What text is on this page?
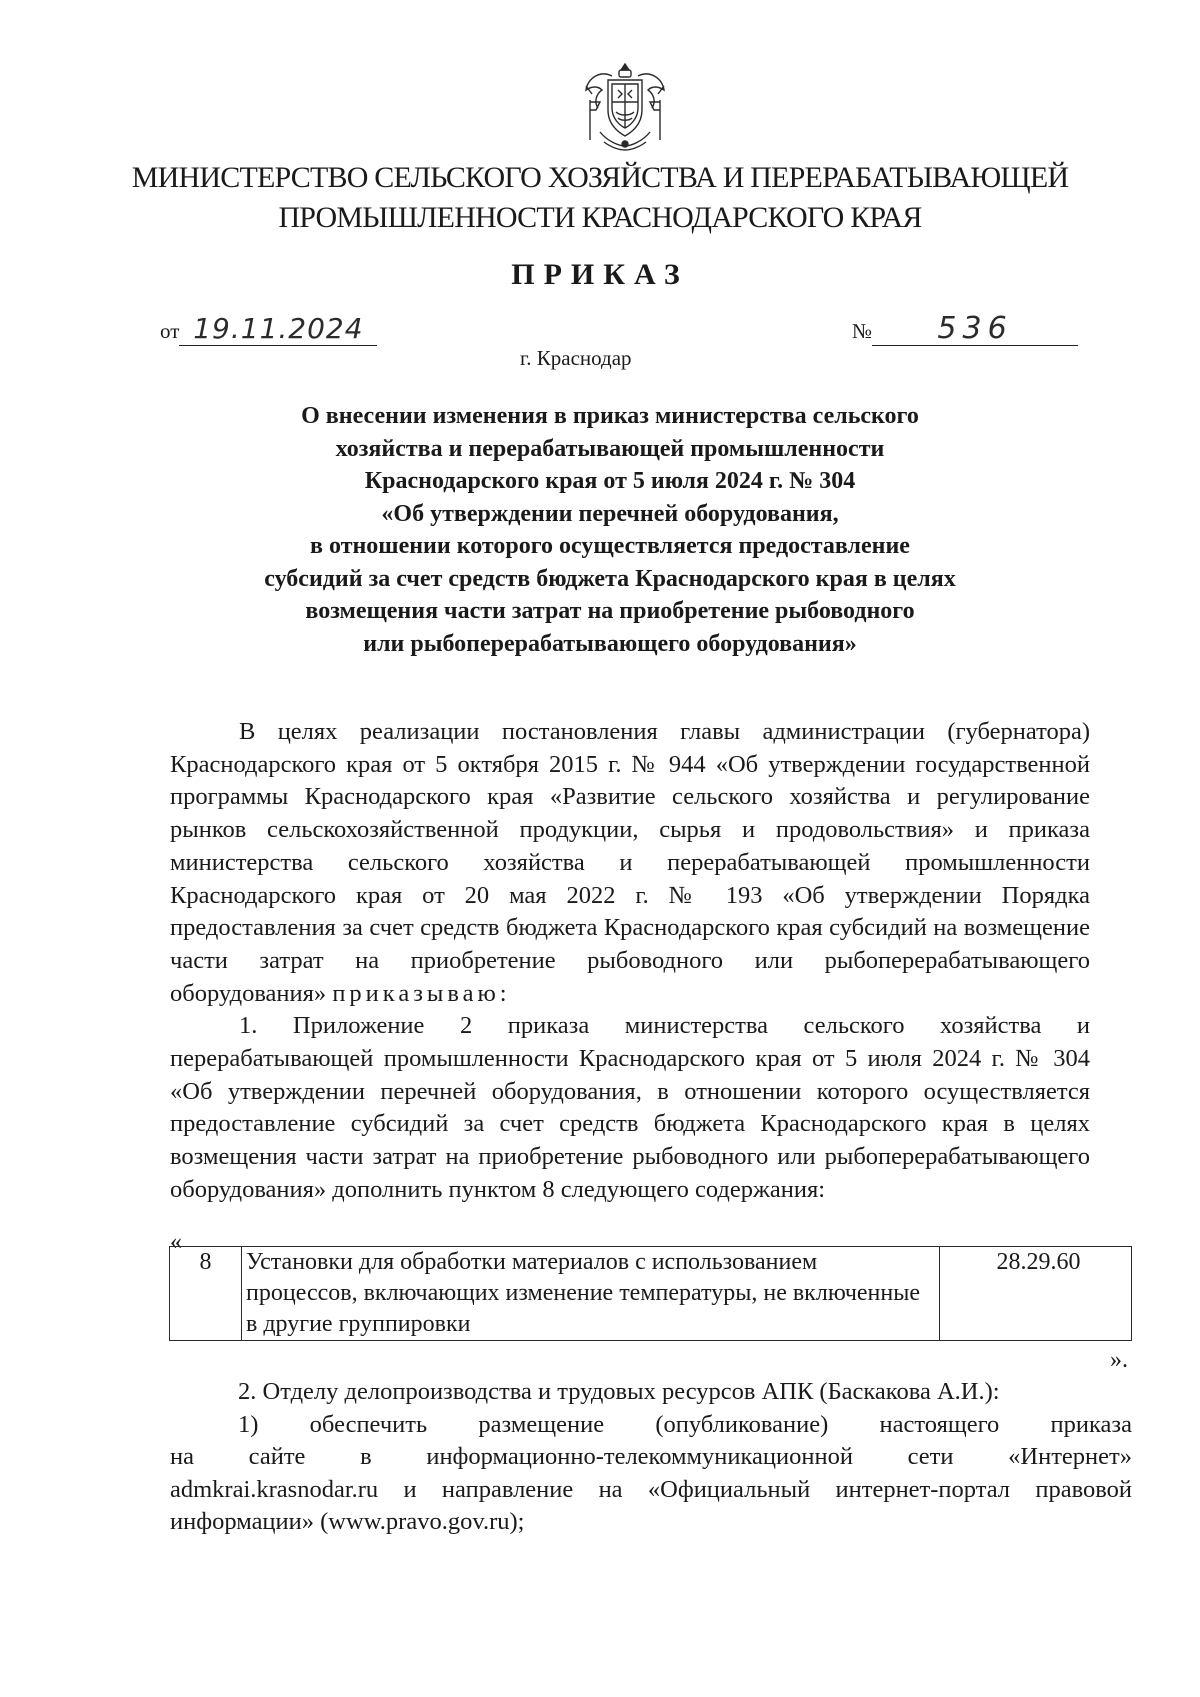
МИНИСТЕРСТВО СЕЛЬСКОГО ХОЗЯЙСТВА И ПЕРЕРАБАТЫВАЮЩЕЙ
ПРОМЫШЛЕННОСТИ КРАСНОДАРСКОГО КРАЯ
ПРИКАЗ
от 19.11.2024	№ 536
г. Краснодар
О внесении изменения в приказ министерства сельского
хозяйства и перерабатывающей промышленности
Краснодарского края от 5 июля 2024 г. № 304
«Об утверждении перечней оборудования,
в отношении которого осуществляется предоставление
субсидий за счет средств бюджета Краснодарского края в целях
возмещения части затрат на приобретение рыбоводного
или рыбоперерабатывающего оборудования»

В целях реализации постановления главы администрации (губернатора) Краснодарского края от 5 октября 2015 г. № 944 «Об утверждении государственной программы Краснодарского края «Развитие сельского хозяйства и регулирование рынков сельскохозяйственной продукции, сырья и продовольствия» и приказа министерства сельского хозяйства и перерабатывающей промышленности Краснодарского края от 20 мая 2022 г. № 193 «Об утверждении Порядка предоставления за счет средств бюджета Краснодарского края субсидий на возмещение части затрат на приобретение рыбоводного или рыбоперерабатывающего оборудования» приказываю:

1. Приложение 2 приказа министерства сельского хозяйства и перерабатывающей промышленности Краснодарского края от 5 июля 2024 г. № 304 «Об утверждении перечней оборудования, в отношении которого осуществляется предоставление субсидий за счет средств бюджета Краснодарского края в целях возмещения части затрат на приобретение рыбоводного или рыбоперерабатывающего оборудования» дополнить пунктом 8 следующего содержания:

«
8	Установки для обработки материалов с использованием процессов, включающих изменение температуры, не включенные в другие группировки	28.29.60
».

2. Отделу делопроизводства и трудовых ресурсов АПК (Баскакова А.И.):

1) обеспечить размещение (опубликование) настоящего приказа

на сайте в информационно-телекоммуникационной сети «Интернет»

admkrai.krasnodar.ru и направление на «Официальный интернет-портал правовой информации» (www.pravo.gov.ru);
